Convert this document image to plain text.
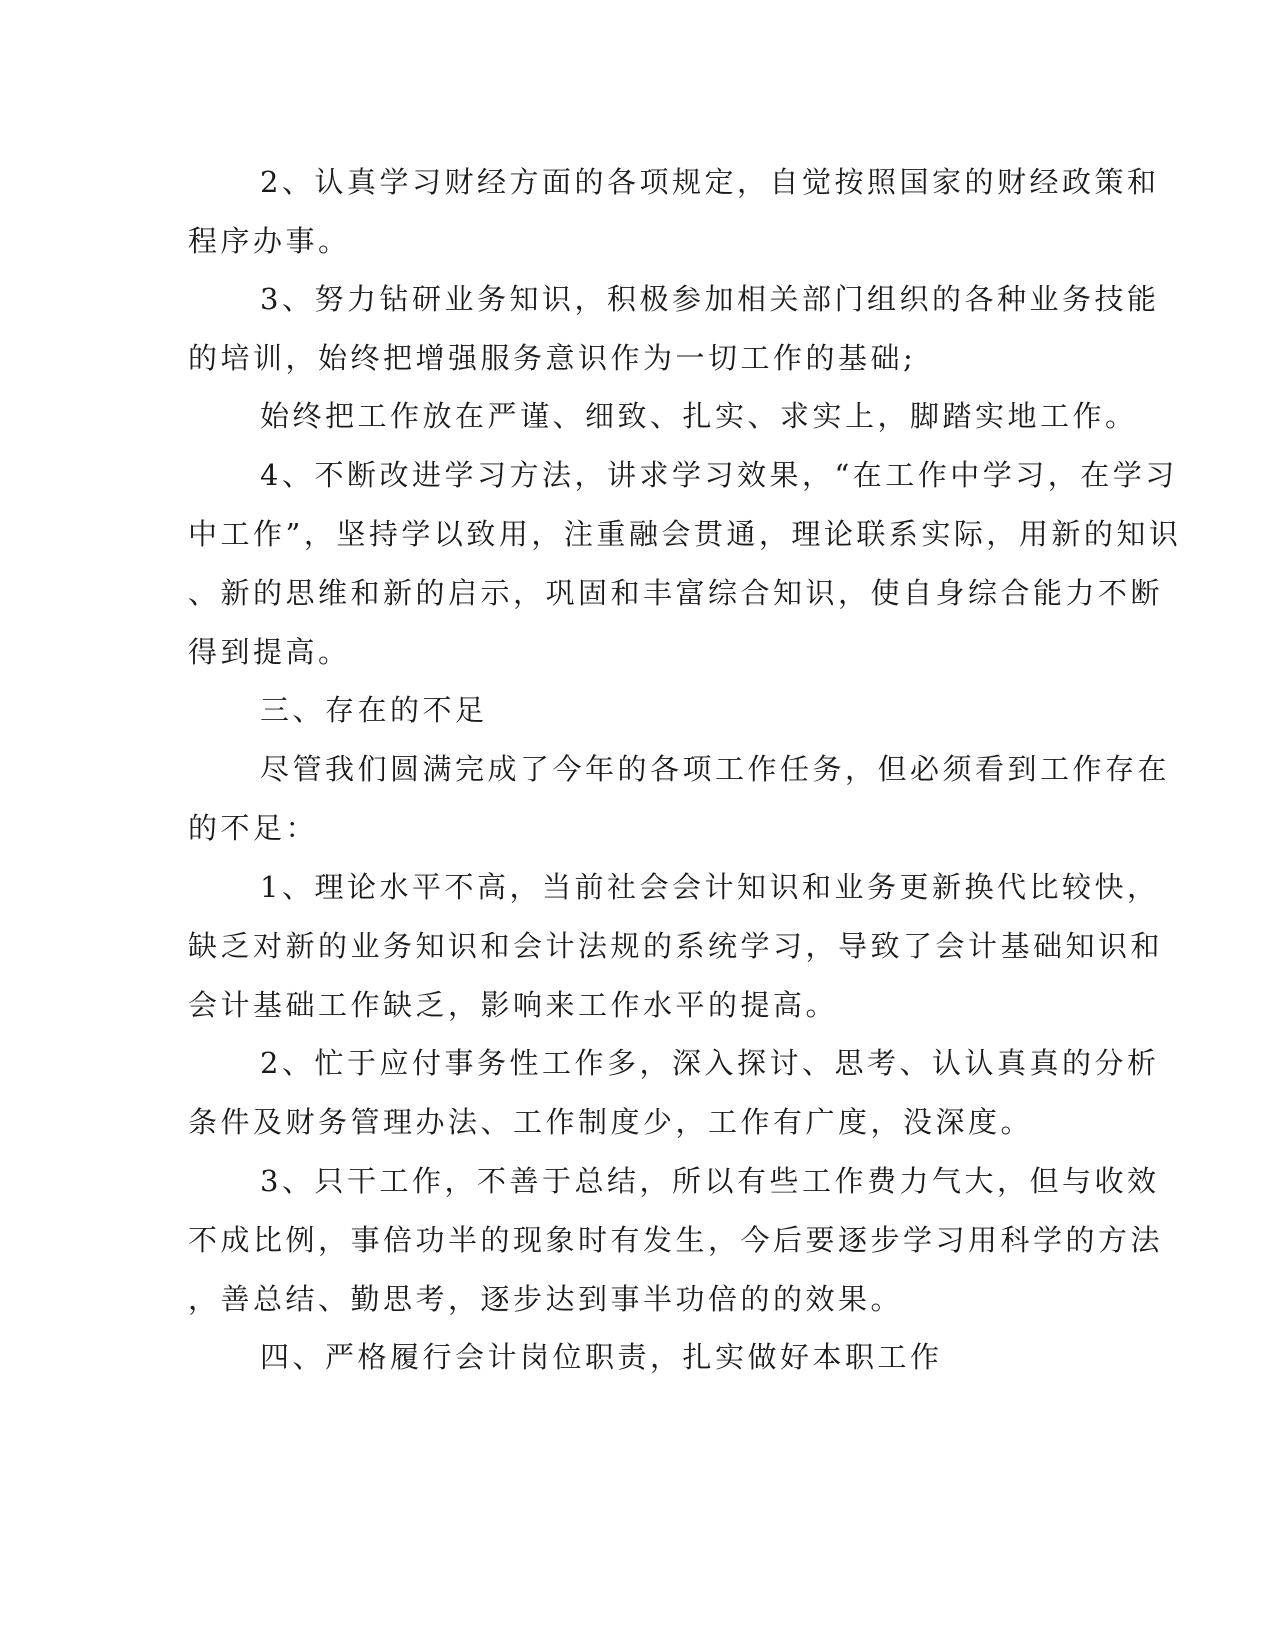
2、认真学习财经方面的各项规定，自觉按照国家的财经政策和
程序办事。
3、努力钻研业务知识，积极参加相关部门组织的各种业务技能
的培训，始终把增强服务意识作为一切工作的基础;
始终把工作放在严谨、细致、扎实、求实上，脚踏实地工作。
4、不断改进学习方法，讲求学习效果，“在工作中学习，在学习
中工作”，坚持学以致用，注重融会贯通，理论联系实际，用新的知识
、新的思维和新的启示，巩固和丰富综合知识，使自身综合能力不断
得到提高。
三、存在的不足
尽管我们圆满完成了今年的各项工作任务，但必须看到工作存在
的不足：
1、理论水平不高，当前社会会计知识和业务更新换代比较快，
缺乏对新的业务知识和会计法规的系统学习，导致了会计基础知识和
会计基础工作缺乏，影响来工作水平的提高。
2、忙于应付事务性工作多，深入探讨、思考、认认真真的分析
条件及财务管理办法、工作制度少，工作有广度，没深度。
3、只干工作，不善于总结，所以有些工作费力气大，但与收效
不成比例，事倍功半的现象时有发生，今后要逐步学习用科学的方法
，善总结、勤思考，逐步达到事半功倍的的效果。
四、严格履行会计岗位职责，扎实做好本职工作
